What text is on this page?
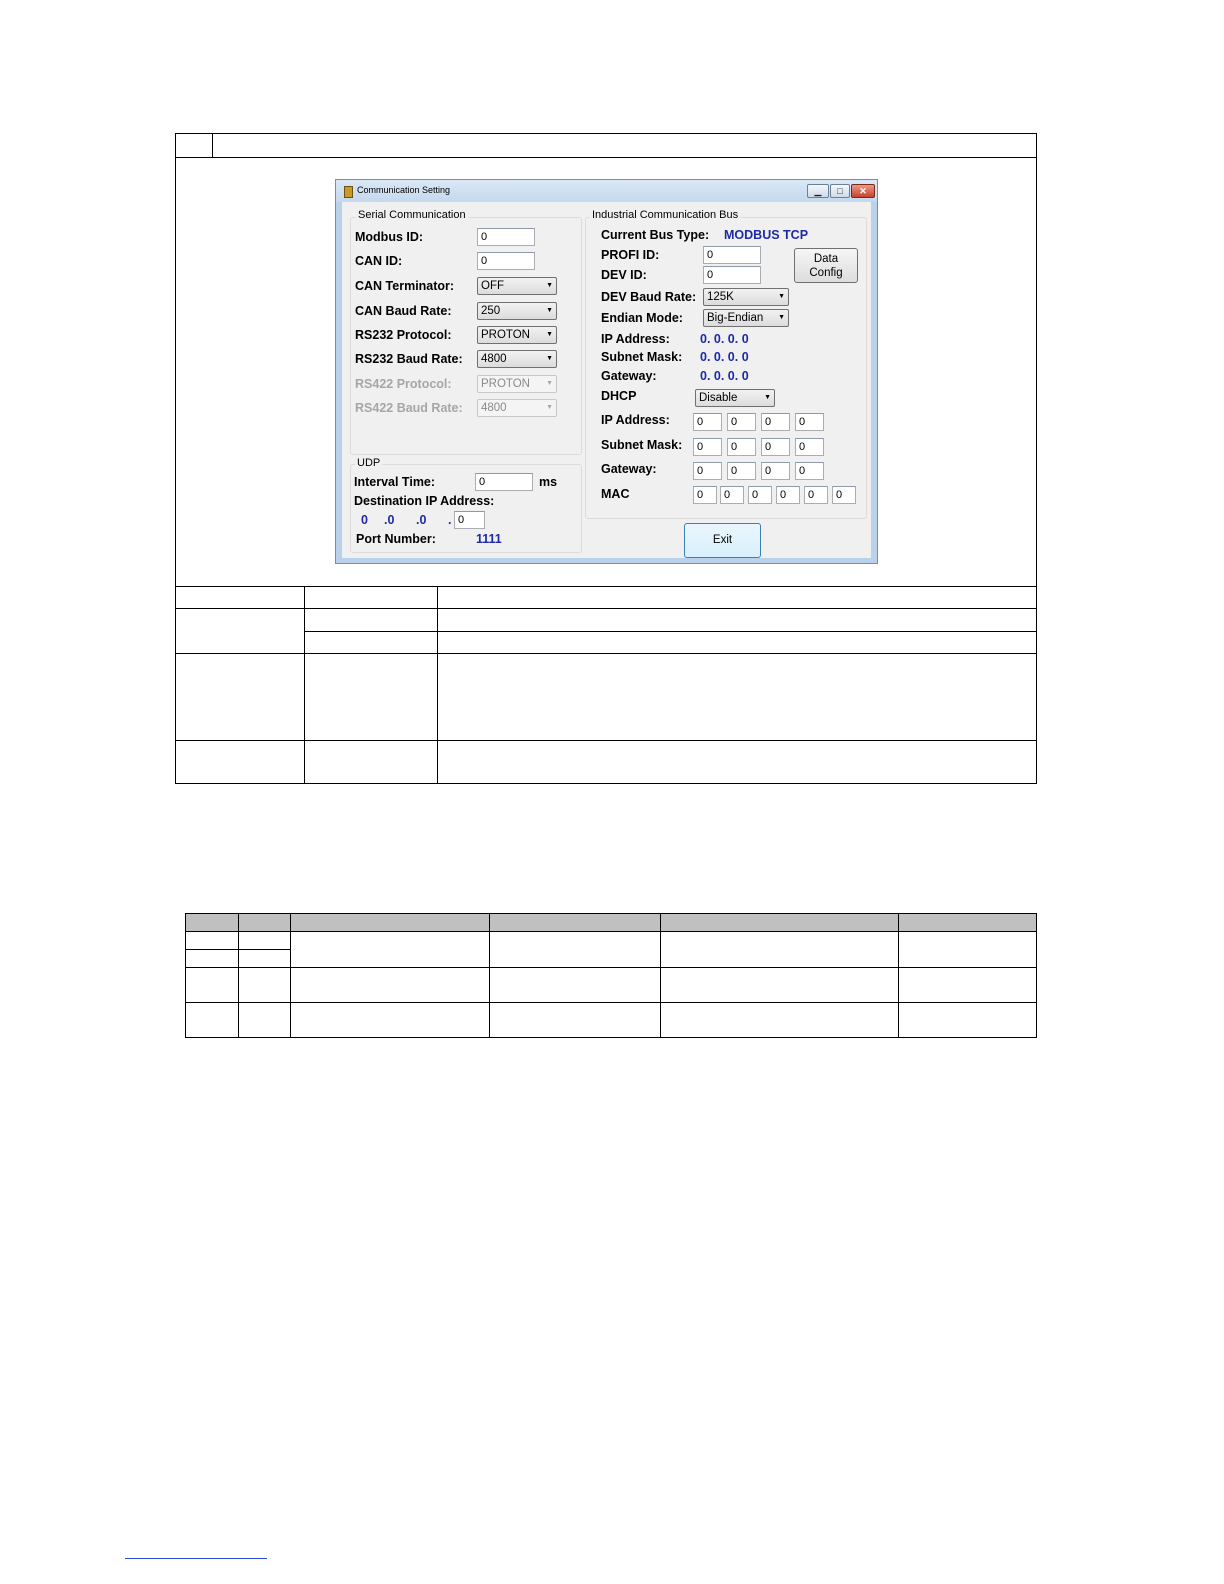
Communication Setting	▁	□	✕
Serial Communication
Modbus ID:	0
CAN ID:	0
CAN Terminator:	OFF	▼
CAN Baud Rate:	250	▼
RS232 Protocol:	PROTON ▼
RS232 Baud Rate:	4800	▼
RS422 Protocol:	PROTON ▼
RS422 Baud Rate:	4800	▼
UDP
Interval Time:	0	ms
Destination IP Address:
0 .0 .0 . 0
Port Number:	1111
Industrial Communication Bus
Current Bus Type: MODBUS TCP
PROFI ID:	0
DEV ID:	0
Data
Config
DEV Baud Rate: 125K	▼
Endian Mode:	Big-Endian ▼
IP Address: 0. 0. 0. 0
Subnet Mask: 0. 0. 0. 0
Gateway:	0. 0. 0. 0
DHCP	Disable	▼
IP Address:	0	0	0	0
Subnet Mask:	0	0	0	0
Gateway:	0	0	0	0
MAC	0	0	0	0	0	0
Exit
